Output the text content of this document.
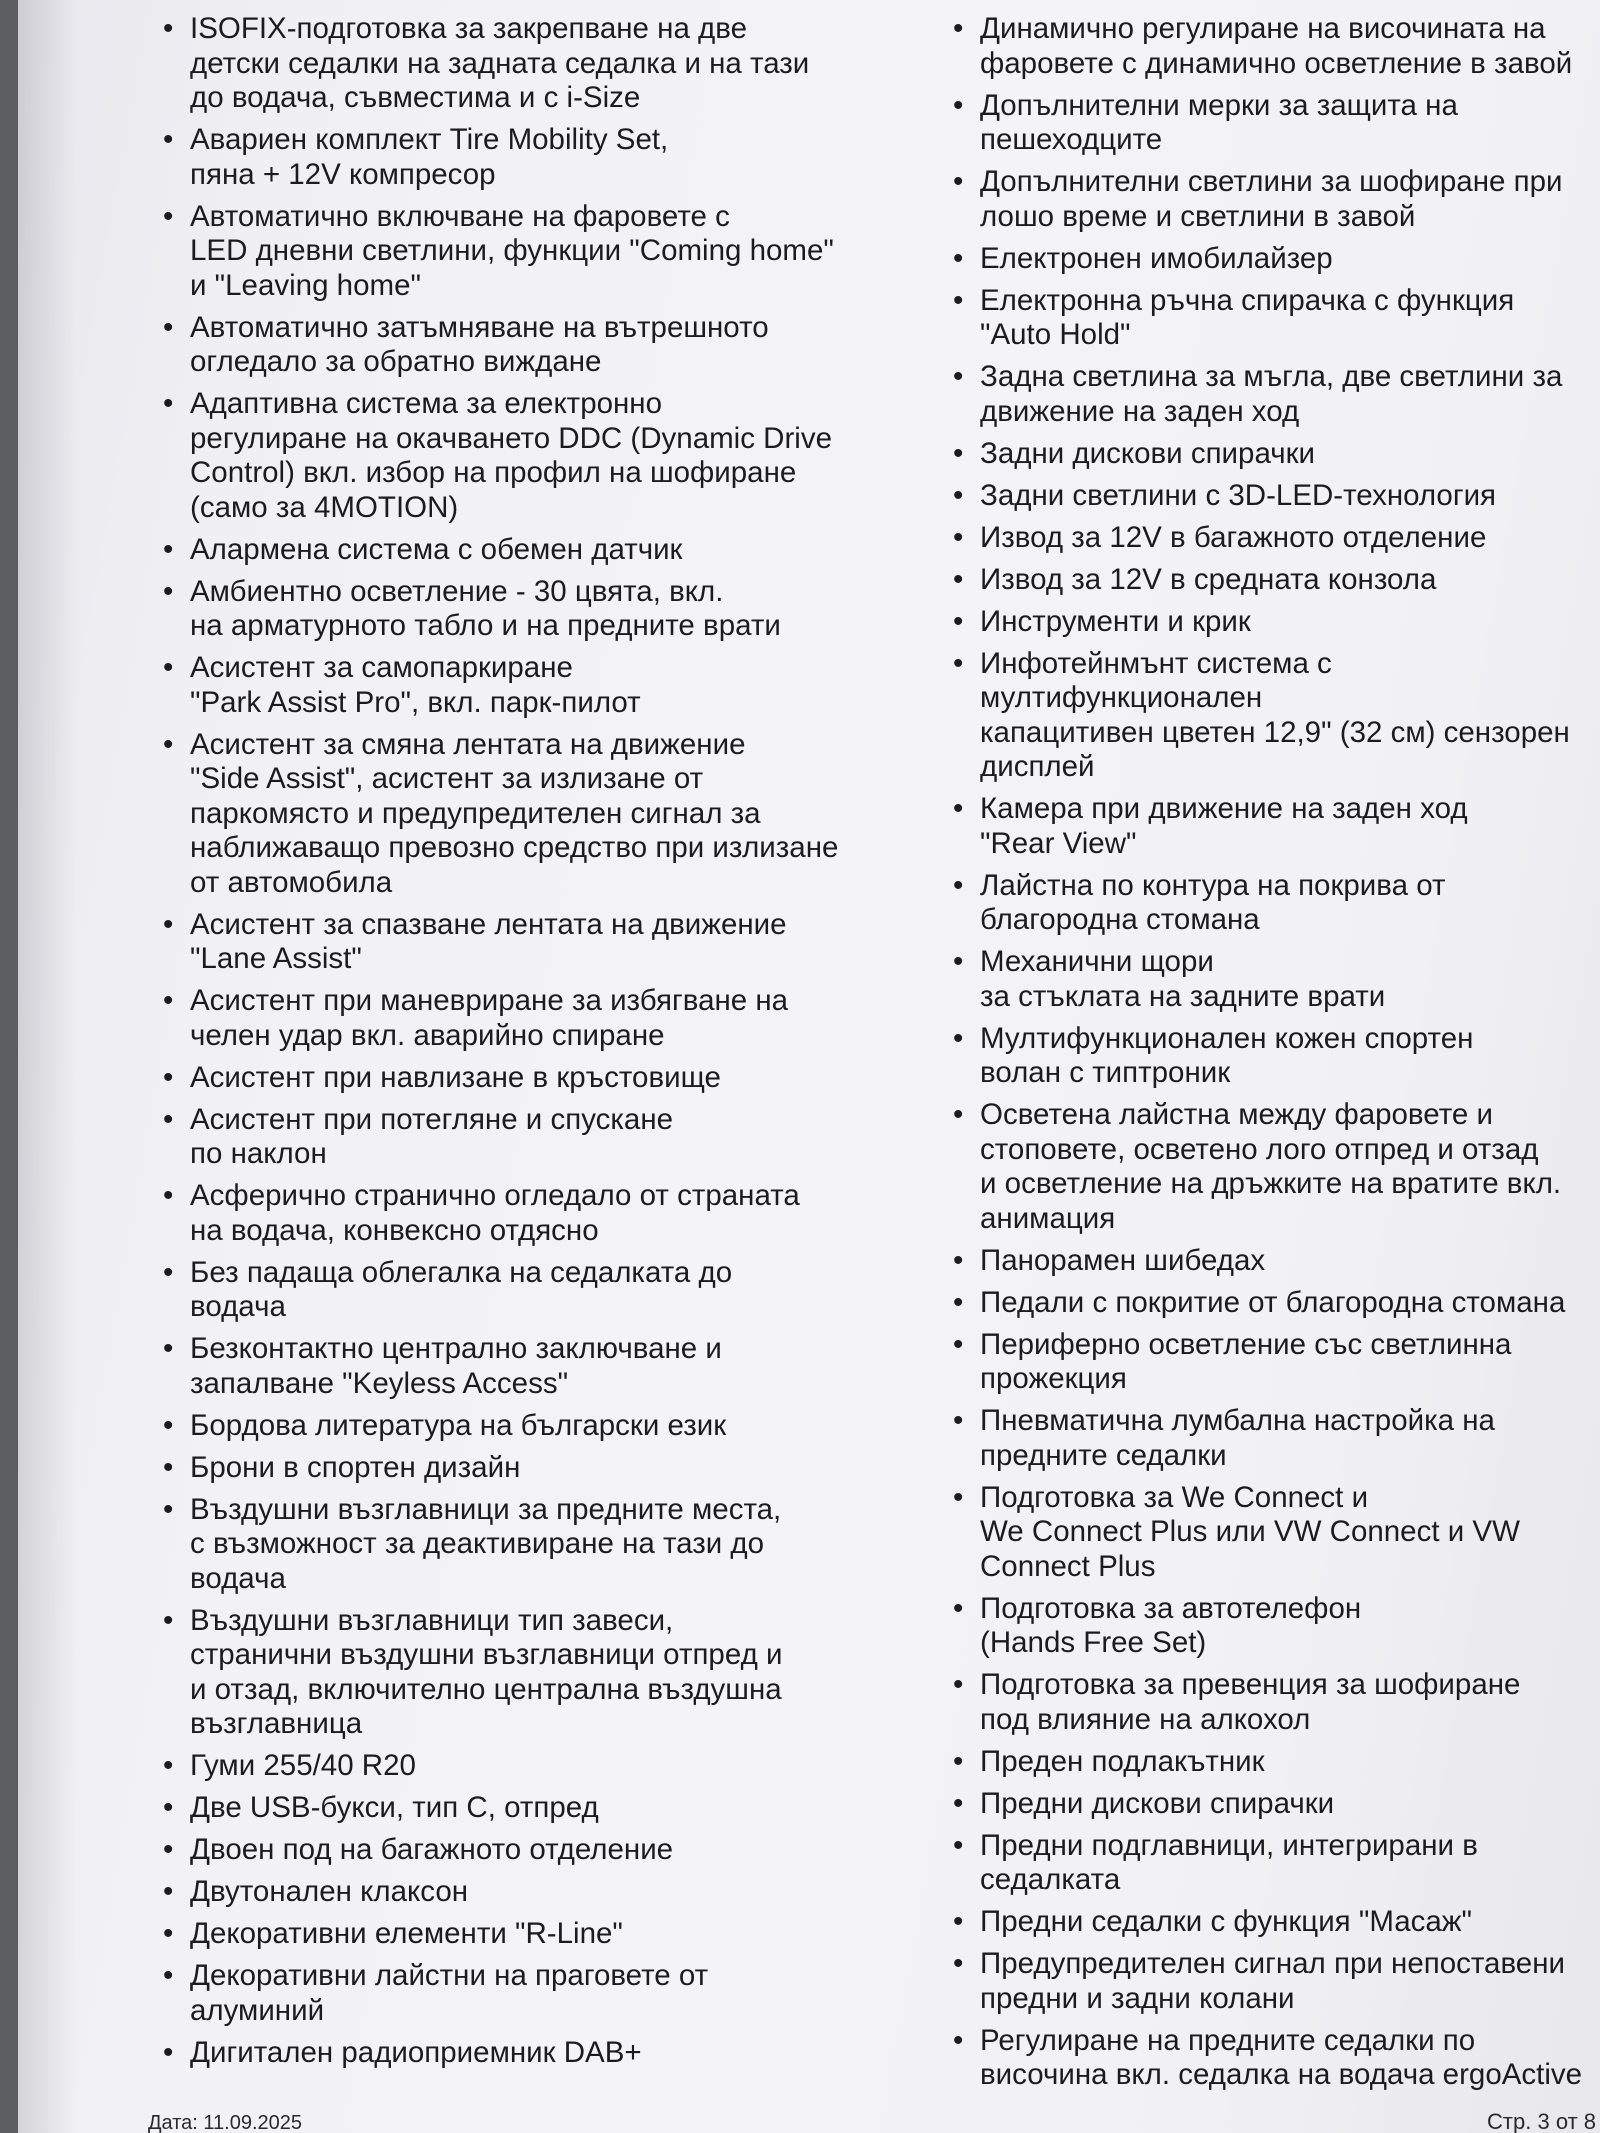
• ISOFIX-подготовка за закрепване на две
детски седалки на задната седалка и на тази
до водача, съвместима и с i-Size
• Авариен комплект Tire Mobility Set,
пяна + 12V компресор
• Автоматично включване на фаровете с
LED дневни светлини, функции "Coming home"
и "Leaving home"
• Автоматично затъмняване на вътрешното
огледало за обратно виждане
• Адаптивна система за електронно
регулиране на окачването DDC (Dynamic Drive
Control) вкл. избор на профил на шофиране
(само за 4MOTION)
• Алармена система с обемен датчик
• Амбиентно осветление - 30 цвята, вкл.
на арматурното табло и на предните врати
• Асистент за самопаркиране
"Park Assist Pro", вкл. парк-пилот
• Асистент за смяна лентата на движение
"Side Assist", асистент за излизане от
паркомясто и предупредителен сигнал за
наближаващо превозно средство при излизане
от автомобила
• Асистент за спазване лентата на движение
"Lane Assist"
• Асистент при маневриране за избягване на
челен удар вкл. аварийно спиране
• Асистент при навлизане в кръстовище
• Асистент при потегляне и спускане
по наклон
• Асферично странично огледало от страната
на водача, конвексно отдясно
• Без падаща облегалка на седалката до
водача
• Безконтактно централно заключване и
запалване "Keyless Access"
• Бордова литература на български език
• Брони в спортен дизайн
• Въздушни възглавници за предните места,
с възможност за деактивиране на тази до
водача
• Въздушни възглавници тип завеси,
странични въздушни възглавници отпред и
и отзад, включително централна въздушна
възглавница
• Гуми 255/40 R20
• Две USB-букси, тип C, отпред
• Двоен под на багажното отделение
• Двутонален клаксон
• Декоративни елементи "R-Line"
• Декоративни лайстни на праговете от
алуминий
• Дигитален радиоприемник DAB+
• Динамично регулиране на височината на
фаровете с динамично осветление в завой
• Допълнителни мерки за защита на
пешеходците
• Допълнителни светлини за шофиране при
лошо време и светлини в завой
• Електронен имобилайзер
• Електронна ръчна спирачка с функция
"Auto Hold"
• Задна светлина за мъгла, две светлини за
движение на заден ход
• Задни дискови спирачки
• Задни светлини с 3D-LED-технология
• Извод за 12V в багажното отделение
• Извод за 12V в средната конзола
• Инструменти и крик
• Инфотейнмънт система с мултифункционален
капацитивен цветен 12,9" (32 см) сензорен
дисплей
• Камера при движение на заден ход
"Rear View"
• Лайстна по контура на покрива от
благородна стомана
• Механични щори
за стъклата на задните врати
• Мултифункционален кожен спортен
волан с типтроник
• Осветена лайстна между фаровете и
стоповете, осветено лого отпред и отзад
и осветление на дръжките на вратите вкл.
анимация
• Панорамен шибедах
• Педали с покритие от благородна стомана
• Периферно осветление със светлинна
прожекция
• Пневматична лумбална настройка на
предните седалки
• Подготовка за We Connect и
We Connect Plus или VW Connect и VW
Connect Plus
• Подготовка за автотелефон
(Hands Free Set)
• Подготовка за превенция за шофиране
под влияние на алкохол
• Преден подлакътник
• Предни дискови спирачки
• Предни подглавници, интегрирани в
седалката
• Предни седалки с функция "Масаж"
• Предупредителен сигнал при непоставени
предни и задни колани
• Регулиране на предните седалки по
височина вкл. седалка на водача ergoActive
Дата: 11.09.2025	Стр. 3 от 8
